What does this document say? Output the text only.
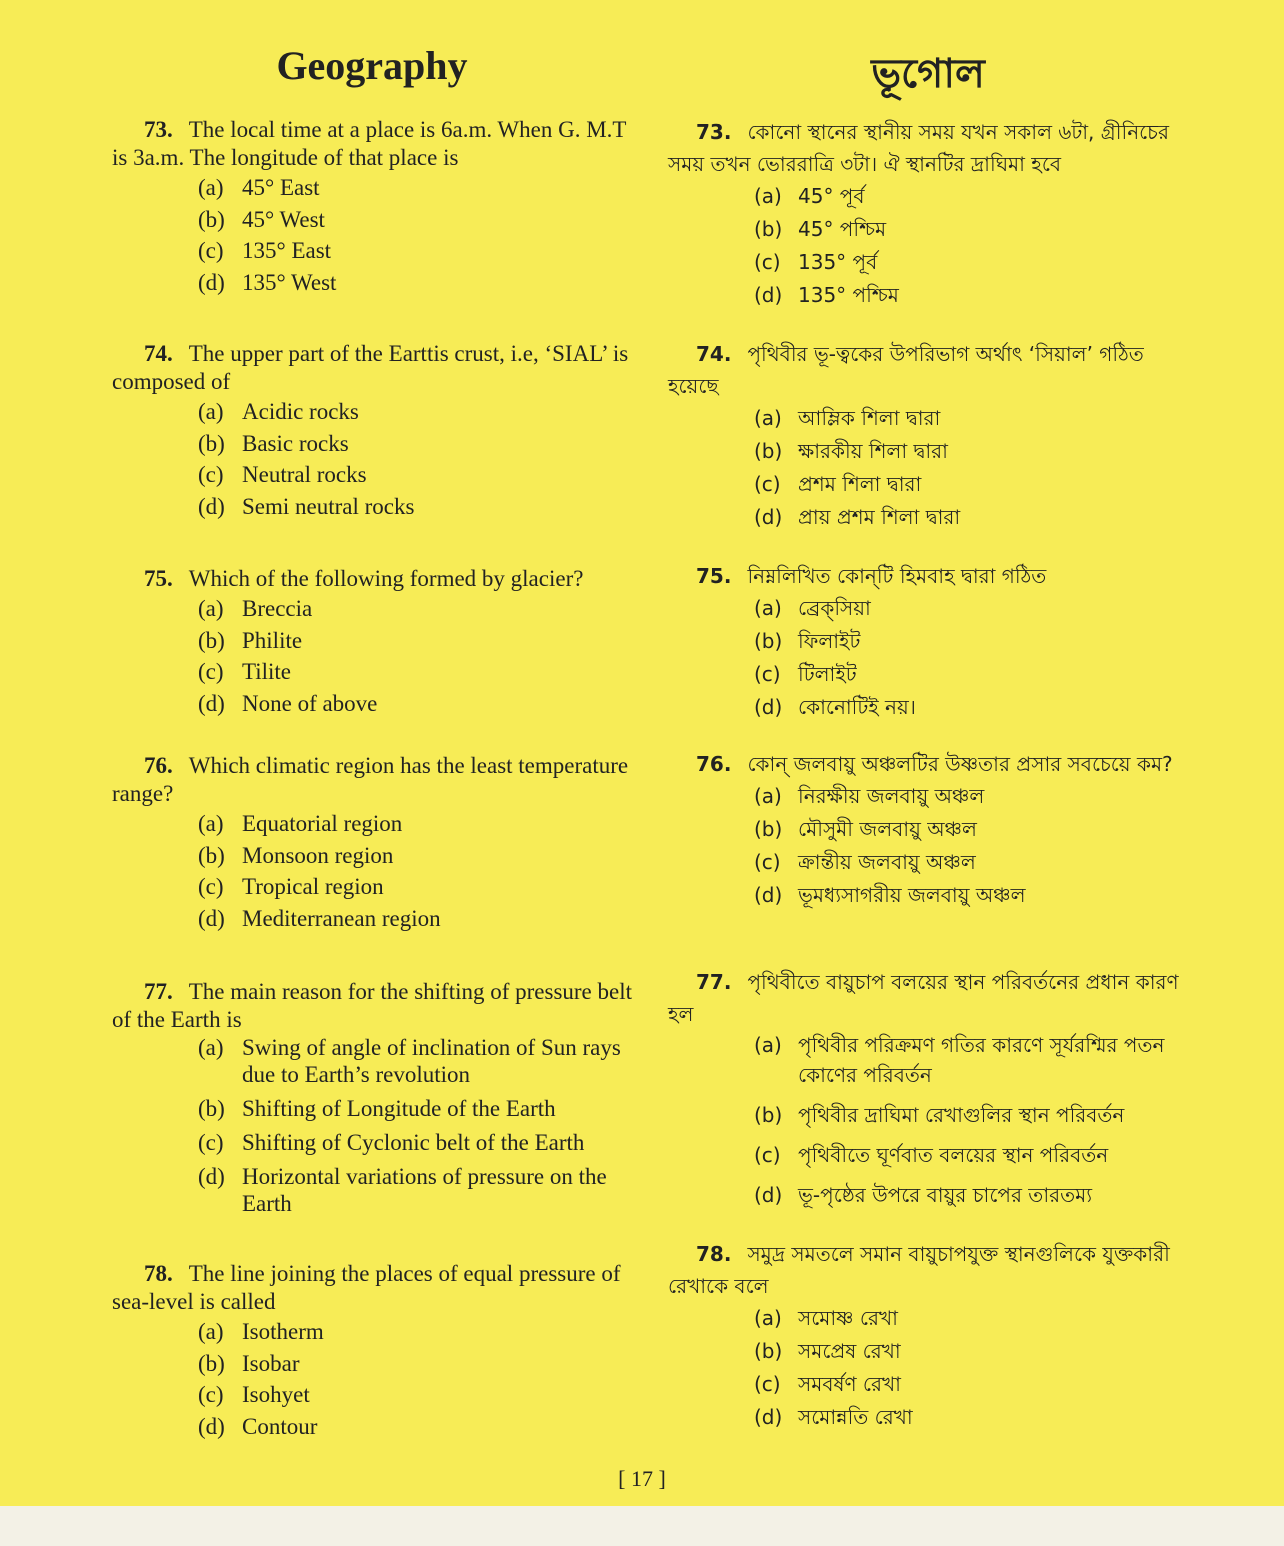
Geography

73. The local time at a place is 6a.m. When G. M.T is 3a.m. The longitude of that place is

(a) 45° East
(b) 45° West
(c) 135° East
(d) 135° West

74. The upper part of the Earttis crust, i.e, ‘SIAL’ is composed of

(a) Acidic rocks
(b) Basic rocks
(c) Neutral rocks
(d) Semi neutral rocks

75. Which of the following formed by glacier?

(a) Breccia
(b) Philite
(c) Tilite
(d) None of above

76. Which climatic region has the least temperature range?

(a) Equatorial region
(b) Monsoon region
(c) Tropical region
(d) Mediterranean region

77. The main reason for the shifting of pressure belt of the Earth is

(a) Swing of angle of inclination of Sun rays due to Earth’s revolution
(b) Shifting of Longitude of the Earth
(c) Shifting of Cyclonic belt of the Earth
(d) Horizontal variations of pressure on the Earth

78. The line joining the places of equal pressure of sea-level is called

(a) Isotherm
(b) Isobar
(c) Isohyet
(d) Contour
ভূগোল

73. কোনো স্থানের স্থানীয় সময় যখন সকাল ৬টা, গ্রীনিচের সময় তখন ভোররাত্রি ৩টা। ঐ স্থানটির দ্রাঘিমা হবে

(a) 45° পূর্ব
(b) 45° পশ্চিম
(c) 135° পূর্ব
(d) 135° পশ্চিম

74. পৃথিবীর ভূ-ত্বকের উপরিভাগ অর্থাৎ ‘সিয়াল’ গঠিত হয়েছে

(a) আম্লিক শিলা দ্বারা
(b) ক্ষারকীয় শিলা দ্বারা
(c) প্রশম শিলা দ্বারা
(d) প্রায় প্রশম শিলা দ্বারা

75. নিম্নলিখিত কোন্‌টি হিমবাহ দ্বারা গঠিত

(a) ব্রেক্‌সিয়া
(b) ফিলাইট
(c) টিলাইট
(d) কোনোটিই নয়।

76. কোন্‌ জলবায়ু অঞ্চলটির উষ্ণতার প্রসার সবচেয়ে কম?

(a) নিরক্ষীয় জলবায়ু অঞ্চল
(b) মৌসুমী জলবায়ু অঞ্চল
(c) ক্রান্তীয় জলবায়ু অঞ্চল
(d) ভূমধ্যসাগরীয় জলবায়ু অঞ্চল

77. পৃথিবীতে বায়ুচাপ বলয়ের স্থান পরিবর্তনের প্রধান কারণ হল

(a) পৃথিবীর পরিক্রমণ গতির কারণে সূর্যরশ্মির পতন কোণের পরিবর্তন
(b) পৃথিবীর দ্রাঘিমা রেখাগুলির স্থান পরিবর্তন
(c) পৃথিবীতে ঘূর্ণবাত বলয়ের স্থান পরিবর্তন
(d) ভূ-পৃষ্ঠের উপরে বায়ুর চাপের তারতম্য

78. সমুদ্র সমতলে সমান বায়ুচাপযুক্ত স্থানগুলিকে যুক্তকারী রেখাকে বলে

(a) সমোষ্ণ রেখা
(b) সমপ্রেষ রেখা
(c) সমবর্ষণ রেখা
(d) সমোন্নতি রেখা
[ 17 ]
